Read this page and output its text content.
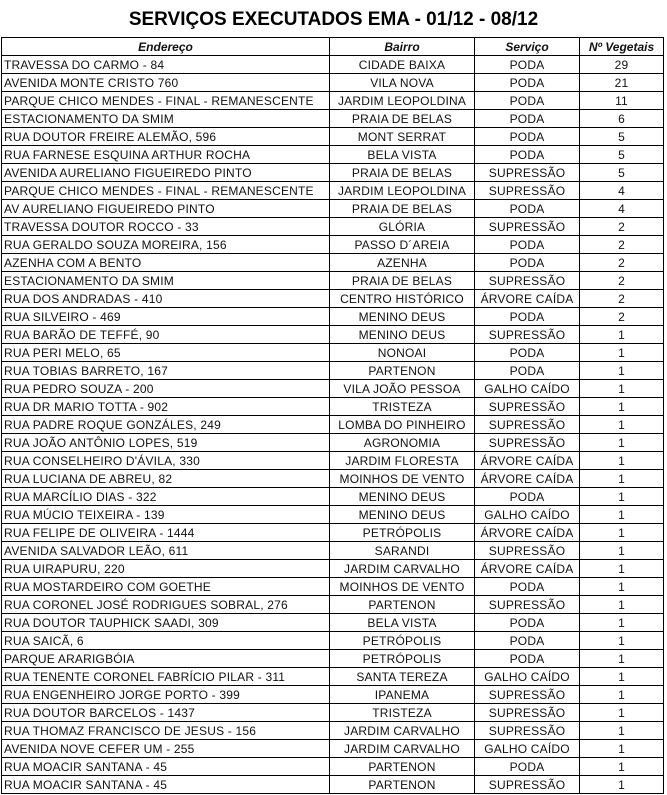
SERVIÇOS EXECUTADOS EMA - 01/12 - 08/12
Endereço	Bairro	Serviço	Nº Vegetais
TRAVESSA DO CARMO - 84	CIDADE BAIXA	PODA	29
AVENIDA MONTE CRISTO 760	VILA NOVA	PODA	21
PARQUE CHICO MENDES - FINAL - REMANESCENTE	JARDIM LEOPOLDINA	PODA	11
ESTACIONAMENTO DA SMIM	PRAIA DE BELAS	PODA	6
RUA DOUTOR FREIRE ALEMÃO, 596	MONT SERRAT	PODA	5
RUA FARNESE ESQUINA ARTHUR ROCHA	BELA VISTA	PODA	5
AVENIDA AURELIANO FIGUEIREDO PINTO	PRAIA DE BELAS	SUPRESSÃO	5
PARQUE CHICO MENDES - FINAL - REMANESCENTE	JARDIM LEOPOLDINA	SUPRESSÃO	4
AV AURELIANO FIGUEIREDO PINTO	PRAIA DE BELAS	PODA	4
TRAVESSA DOUTOR ROCCO - 33	GLÓRIA	SUPRESSÃO	2
RUA GERALDO SOUZA MOREIRA, 156	PASSO D´AREIA	PODA	2
AZENHA COM A BENTO	AZENHA	PODA	2
ESTACIONAMENTO DA SMIM	PRAIA DE BELAS	SUPRESSÃO	2
RUA DOS ANDRADAS - 410	CENTRO HISTÓRICO	ÁRVORE CAÍDA	2
RUA SILVEIRO - 469	MENINO DEUS	PODA	2
RUA BARÃO DE TEFFÉ, 90	MENINO DEUS	SUPRESSÃO	1
RUA PERI MELO, 65	NONOAI	PODA	1
RUA TOBIAS BARRETO, 167	PARTENON	PODA	1
RUA PEDRO SOUZA - 200	VILA JOÃO PESSOA	GALHO CAÍDO	1
RUA DR MARIO TOTTA - 902	TRISTEZA	SUPRESSÃO	1
RUA PADRE ROQUE GONZÁLES, 249	LOMBA DO PINHEIRO	SUPRESSÃO	1
RUA JOÃO ANTÔNIO LOPES, 519	AGRONOMIA	SUPRESSÃO	1
RUA CONSELHEIRO D'ÁVILA, 330	JARDIM FLORESTA	ÁRVORE CAÍDA	1
RUA LUCIANA DE ABREU, 82	MOINHOS DE VENTO	ÁRVORE CAÍDA	1
RUA MARCÍLIO DIAS - 322	MENINO DEUS	PODA	1
RUA MÚCIO TEIXEIRA - 139	MENINO DEUS	GALHO CAÍDO	1
RUA FELIPE DE OLIVEIRA - 1444	PETRÓPOLIS	ÁRVORE CAÍDA	1
AVENIDA SALVADOR LEÃO, 611	SARANDI	SUPRESSÃO	1
RUA UIRAPURU, 220	JARDIM CARVALHO	ÁRVORE CAÍDA	1
RUA MOSTARDEIRO COM GOETHE	MOINHOS DE VENTO	PODA	1
RUA CORONEL JOSÉ RODRIGUES SOBRAL, 276	PARTENON	SUPRESSÃO	1
RUA DOUTOR TAUPHICK SAADI, 309	BELA VISTA	PODA	1
RUA SAICÃ, 6	PETRÓPOLIS	PODA	1
PARQUE ARARIGBÓIA	PETRÓPOLIS	PODA	1
RUA TENENTE CORONEL FABRÍCIO PILAR - 311	SANTA TEREZA	GALHO CAÍDO	1
RUA ENGENHEIRO JORGE PORTO - 399	IPANEMA	SUPRESSÃO	1
RUA DOUTOR BARCELOS - 1437	TRISTEZA	SUPRESSÃO	1
RUA THOMAZ FRANCISCO DE JESUS - 156	JARDIM CARVALHO	SUPRESSÃO	1
AVENIDA NOVE CEFER UM - 255	JARDIM CARVALHO	GALHO CAÍDO	1
RUA MOACIR SANTANA - 45	PARTENON	PODA	1
RUA MOACIR SANTANA - 45	PARTENON	SUPRESSÃO	1
